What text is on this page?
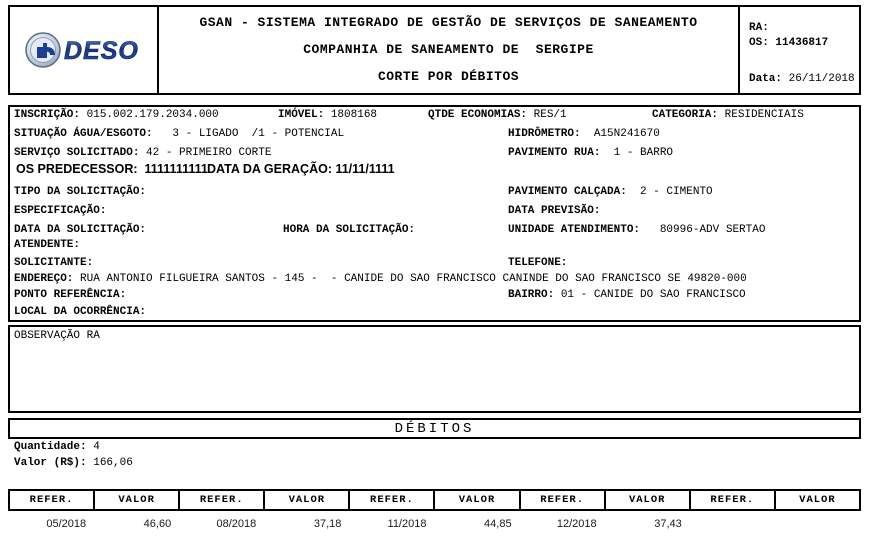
DESO
GSAN - SISTEMA INTEGRADO DE GESTÃO DE SERVIÇOS DE SANEAMENTO
COMPANHIA DE SANEAMENTO DE  SERGIPE
CORTE POR DÉBITOS
RA:
OS: 11436817
Data: 26/11/2018
INSCRIÇÃO: 015.002.179.2034.000	IMÓVEL: 1808168	QTDE ECONOMIAS: RES/1	CATEGORIA: RESIDENCIAIS
SITUAÇÃO ÁGUA/ESGOTO:   3 - LIGADO  /1 - POTENCIAL	HIDRÔMETRO:  A15N241670
SERVIÇO SOLICITADO: 42 - PRIMEIRO CORTE	PAVIMENTO RUA:  1 - BARRO
OS PREDECESSOR:  1111111111 DATA DA GERAÇÃO: 11/11/1111
TIPO DA SOLICITAÇÃO:	PAVIMENTO CALÇADA:  2 - CIMENTO
ESPECIFICAÇÃO:	DATA PREVISÃO:
DATA DA SOLICITAÇÃO:	HORA DA SOLICITAÇÃO:	UNIDADE ATENDIMENTO:   80996-ADV SERTAO
ATENDENTE:
SOLICITANTE:	TELEFONE:
ENDEREÇO: RUA ANTONIO FILGUEIRA SANTOS - 145 -  - CANIDE DO SAO FRANCISCO CANINDE DO SAO FRANCISCO SE 49820-000
PONTO REFERÊNCIA:	BAIRRO: 01 - CANIDE DO SAO FRANCISCO
LOCAL DA OCORRÊNCIA:
OBSERVAÇÃO RA
DÉBITOS
Quantidade: 4
Valor (R$): 166,06
REFER.	VALOR	REFER.	VALOR	REFER.	VALOR	REFER.	VALOR	REFER.	VALOR
05/2018	46,60	08/2018	37,18	11/2018	44,85	12/2018	37,43		
